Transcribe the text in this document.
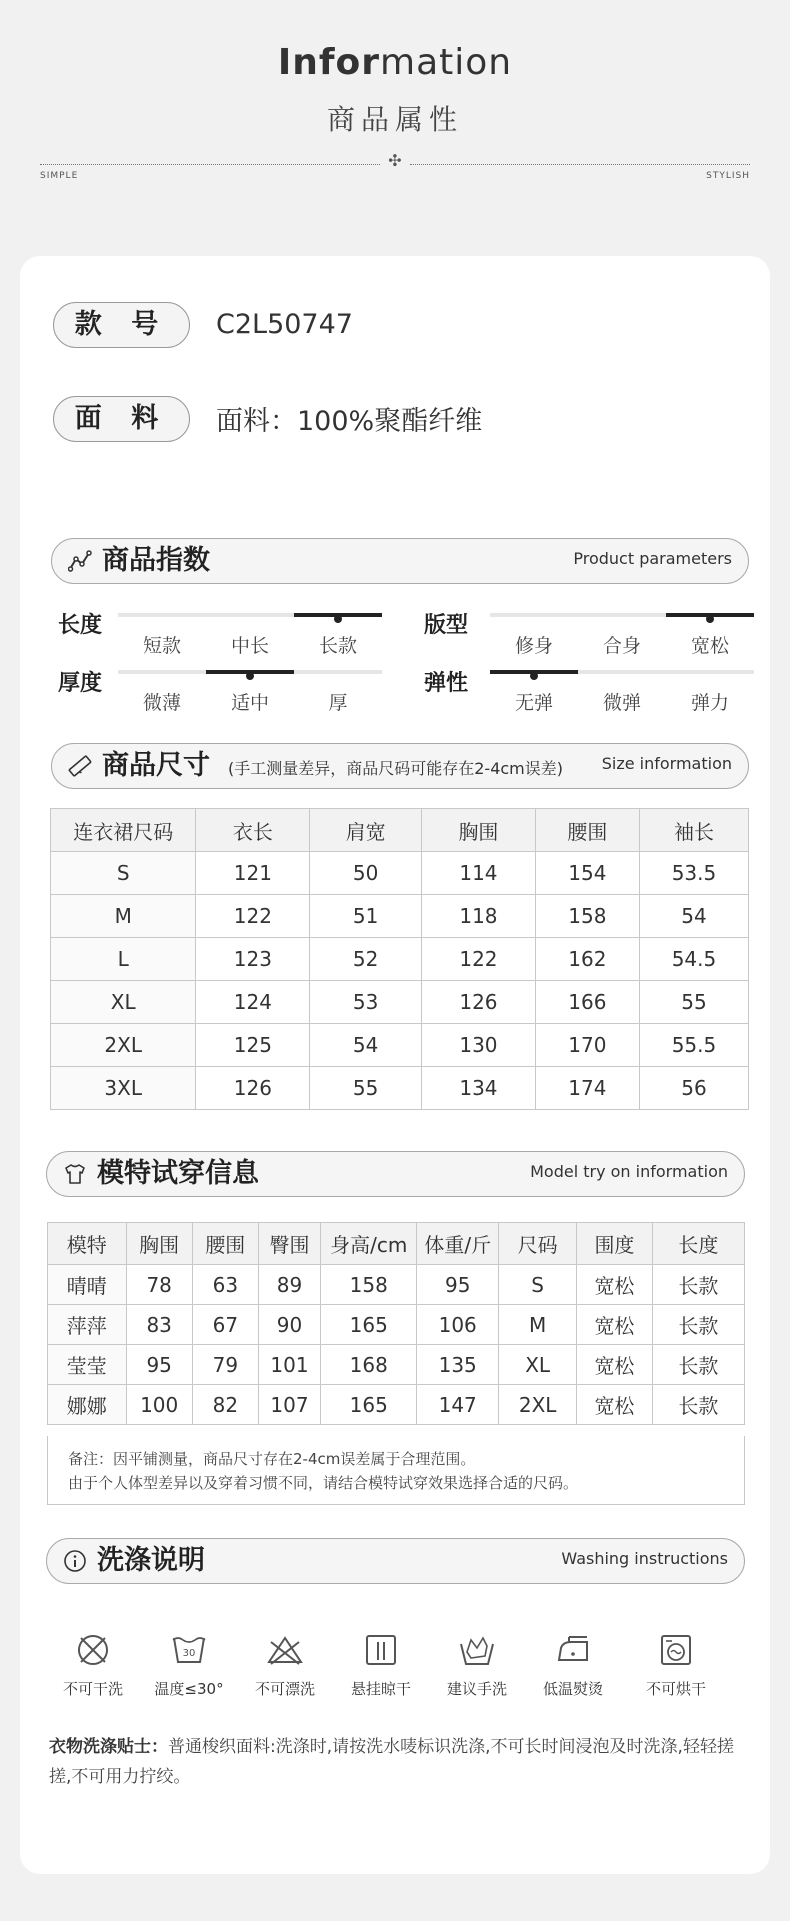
Information
商品属性
✣
SIMPLE	STYLISH
款 号	C2L50747
面 料	面料：100%聚酯纤维
商品指数	Product parameters
长度
短款	中长	长款
版型
修身	合身	宽松
厚度
微薄	适中	厚
弹性
无弹	微弹	弹力
商品尺寸 (手工测量差异，商品尺码可能存在2-4cm误差) Size information
连衣裙尺码	衣长	肩宽	胸围	腰围	袖长
S	121	50	114	154	53.5
M	122	51	118	158	54
L	123	52	122	162	54.5
XL	124	53	126	166	55
2XL	125	54	130	170	55.5
3XL	126	55	134	174	56
模特试穿信息	Model try on information
模特	胸围	腰围	臀围	身高/cm	体重/斤	尺码	围度	长度
晴晴	78	63	89	158	95	S	宽松	长款
萍萍	83	67	90	165	106	M	宽松	长款
莹莹	95	79	101	168	135	XL	宽松	长款
娜娜	100	82	107	165	147	2XL	宽松	长款
备注：因平铺测量，商品尺寸存在2-4cm误差属于合理范围。
由于个人体型差异以及穿着习惯不同，请结合模特试穿效果选择合适的尺码。
洗涤说明	Washing instructions
不可干洗
30
温度≤30°	不可漂洗	悬挂晾干	建议手洗	低温熨烫	不可烘干
衣物洗涤贴士：普通梭织面料:洗涤时,请按洗水唛标识洗涤,不可长时间浸泡及时洗涤,轻轻搓搓,不可用力拧绞。
